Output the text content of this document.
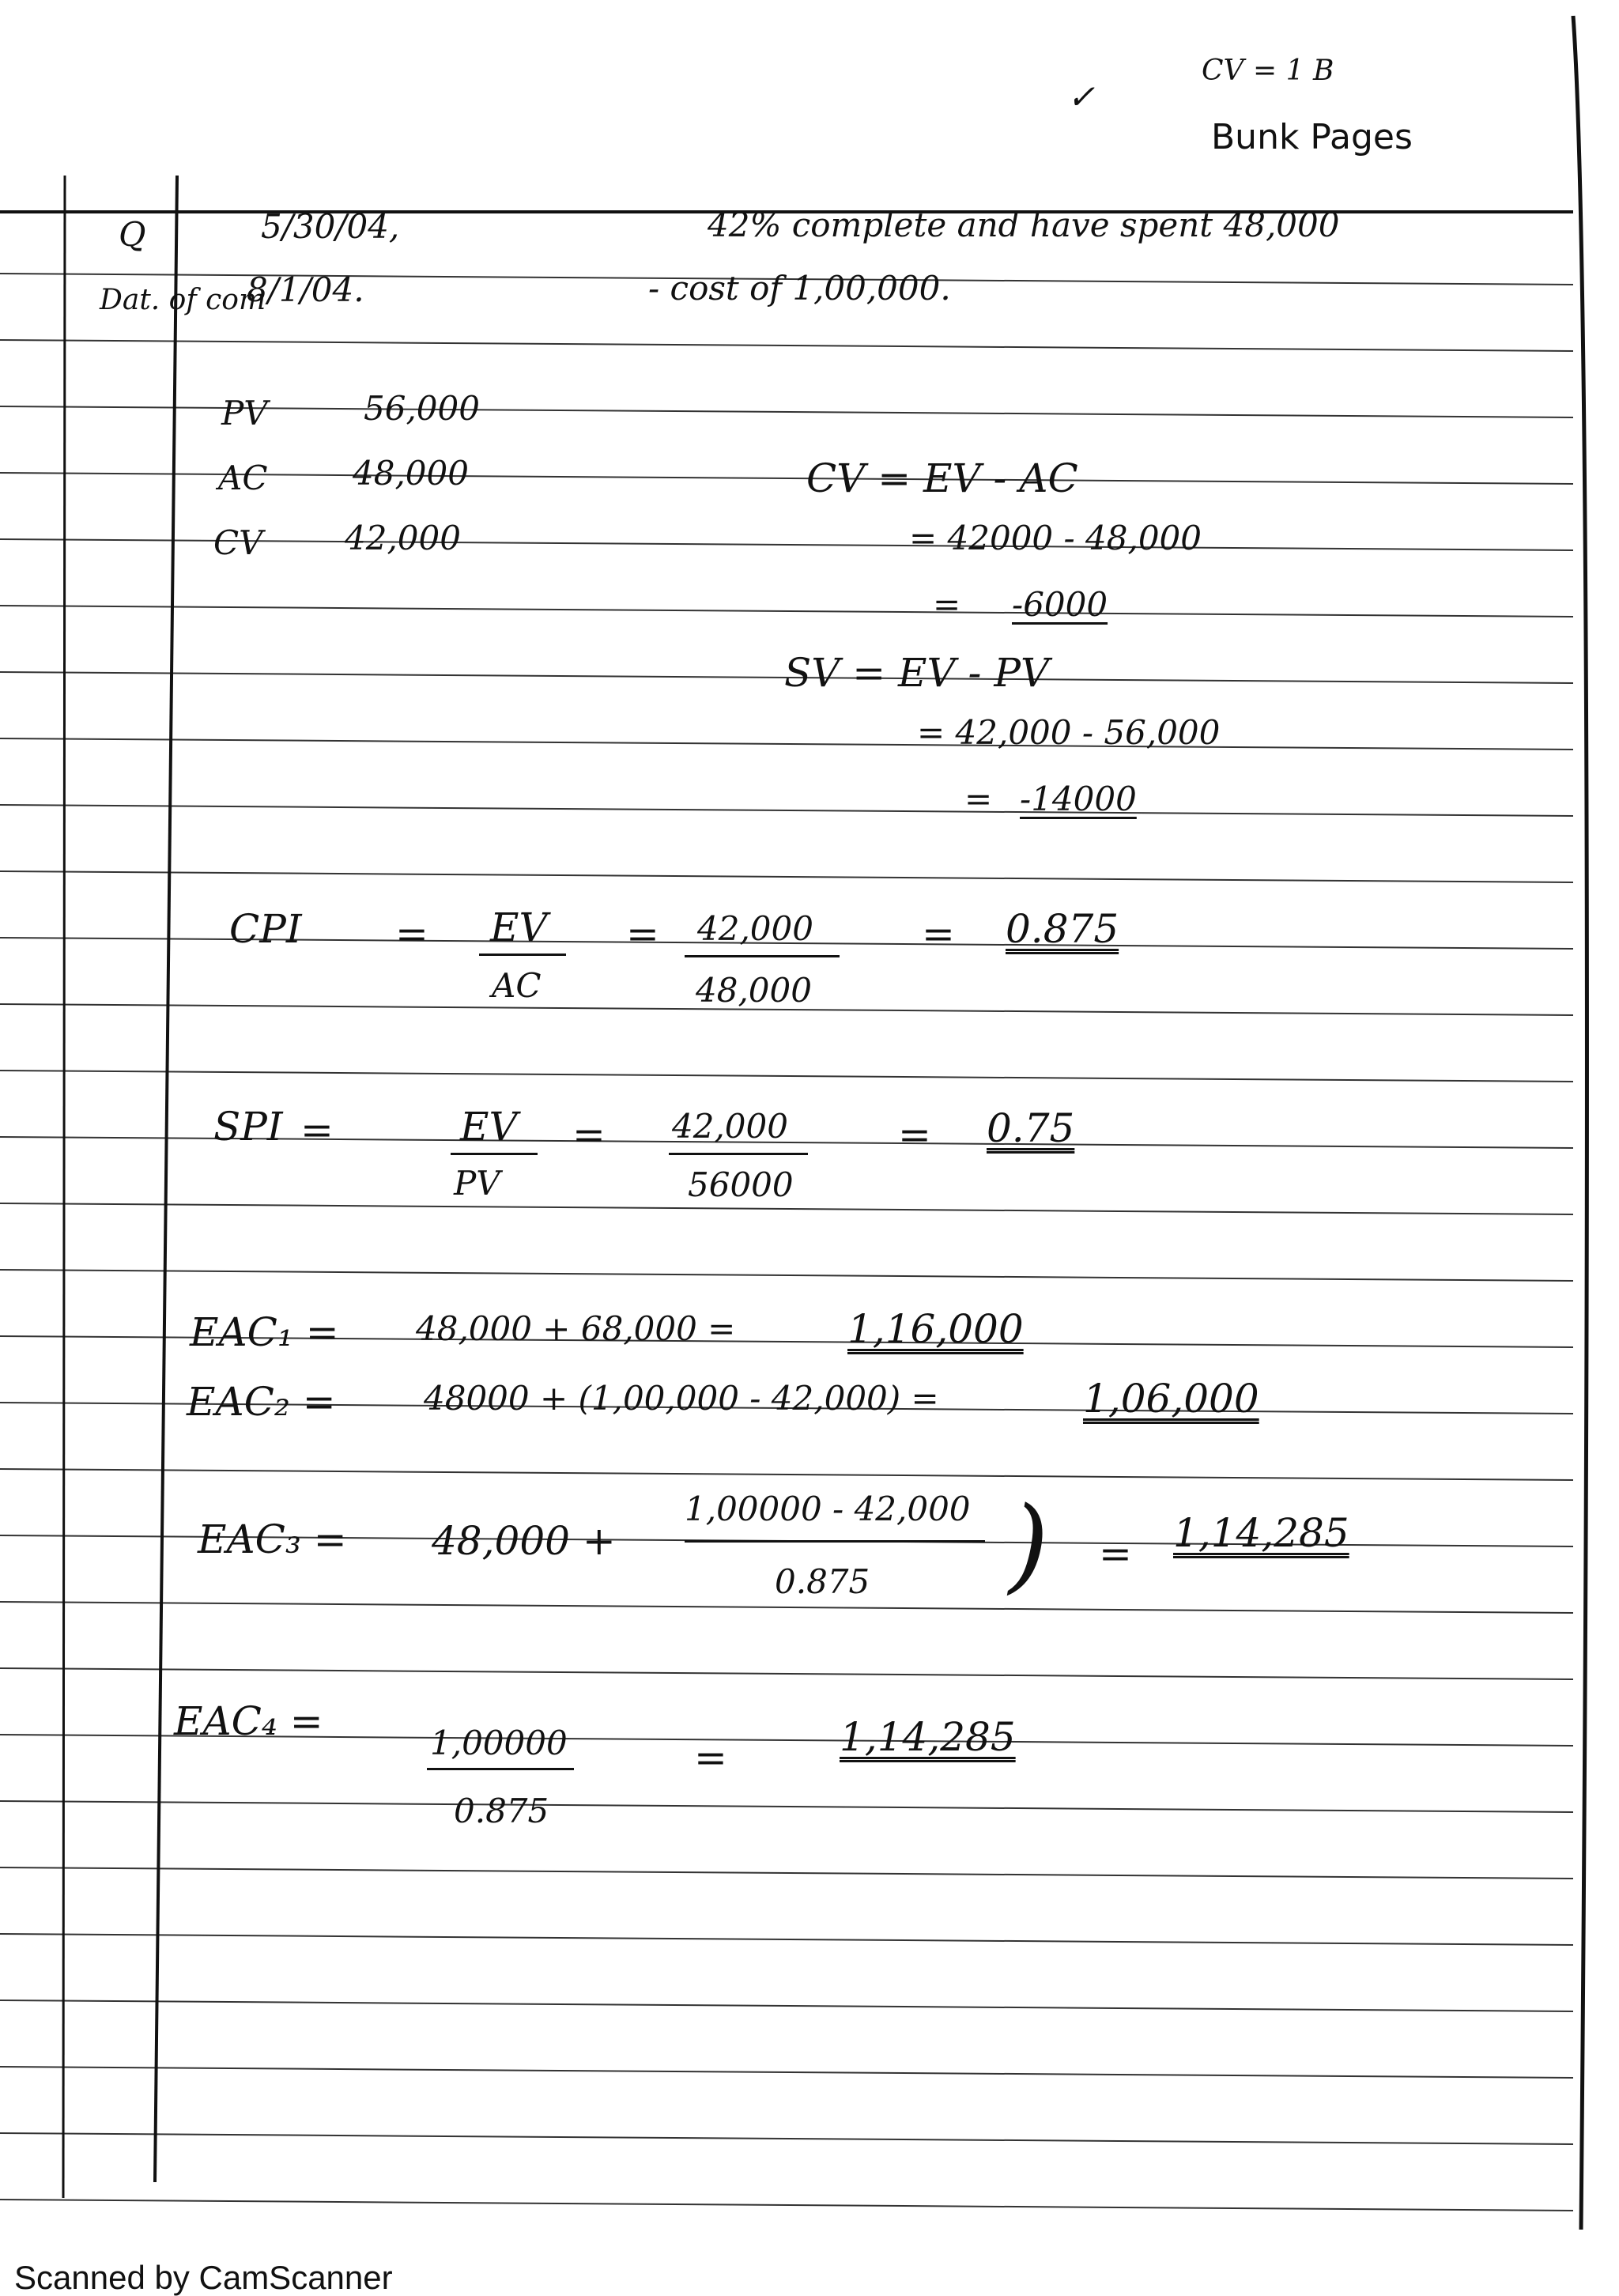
CV = 1 B
✓
Bunk Pages
Q	5/30/04,	42% complete and have spent 48,000
Dat. of com
8/1/04.	- cost of 1,00,000.
PV	56,000
AC	48,000
CV 42,000
CV = EV - AC
= 42000 - 48,000
= -6000
SV = EV - PV
= 42,000 - 56,000
= -14000
CPI = EV
AC
= 42,000
48,000
= 0.875
SPI =	EV
PV
= 42,000
56000
= 0.75
EAC₁ = 48,000 + 68,000 =	1,16,000
EAC₂ =	48000 + (1,00,000 - 42,000) =	1,06,000
EAC₃ = 48,000 +
1,00000 - 42,000
0.875 ) = 1,14,285
EAC₄ =	1,00000
0.875
=	1,14,285
Scanned by CamScanner
